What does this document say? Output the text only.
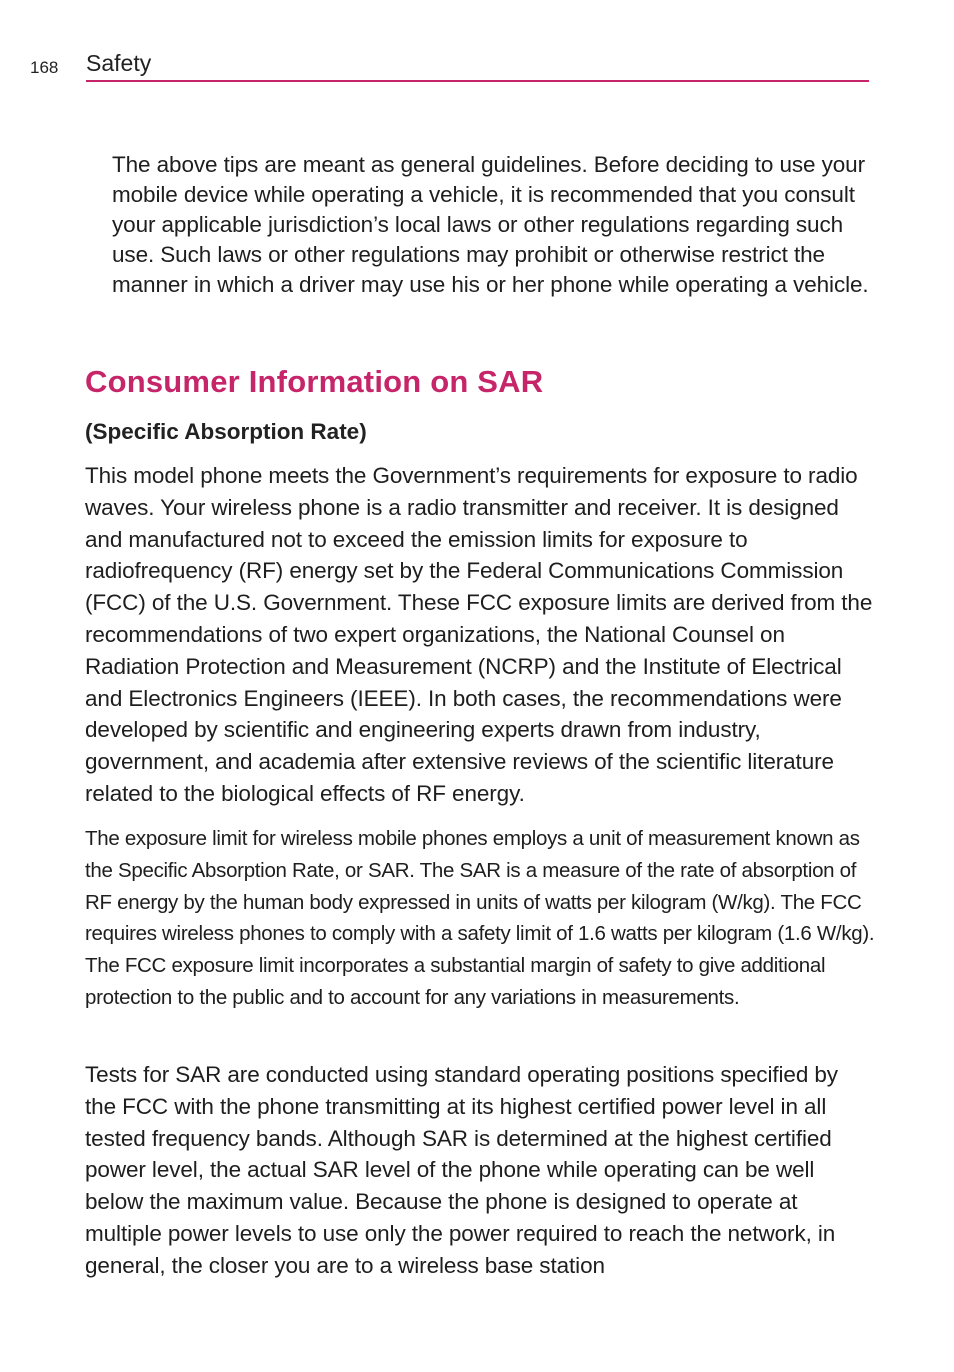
168 Safety

The above tips are meant as general guidelines. Before deciding to use your mobile device while operating a vehicle, it is recommended that you consult your applicable jurisdiction’s local laws or other regulations regarding such use. Such laws or other regulations may prohibit or otherwise restrict the manner in which a driver may use his or her phone while operating a vehicle.

Consumer Information on SAR
(Specific Absorption Rate)

This model phone meets the Government’s requirements for exposure to radio waves. Your wireless phone is a radio transmitter and receiver. It is designed and manufactured not to exceed the emission limits for exposure to radiofrequency (RF) energy set by the Federal Communications Commission (FCC) of the U.S. Government. These FCC exposure limits are derived from the recommendations of two expert organizations, the National Counsel on Radiation Protection and Measurement (NCRP) and the Institute of Electrical and Electronics Engineers (IEEE). In both cases, the recommendations were developed by scientific and engineering experts drawn from industry, government, and academia after extensive reviews of the scientific literature related to the biological effects of RF energy.

The exposure limit for wireless mobile phones employs a unit of measurement known as the Specific Absorption Rate, or SAR. The SAR is a measure of the rate of absorption of RF energy by the human body expressed in units of watts per kilogram (W/kg). The FCC requires wireless phones to comply with a safety limit of 1.6 watts per kilogram (1.6 W/kg). The FCC exposure limit incorporates a substantial margin of safety to give additional protection to the public and to account for any variations in measurements.

Tests for SAR are conducted using standard operating positions specified by the FCC with the phone transmitting at its highest certified power level in all tested frequency bands. Although SAR is determined at the highest certified power level, the actual SAR level of the phone while operating can be well below the maximum value. Because the phone is designed to operate at multiple power levels to use only the power required to reach the network, in general, the closer you are to a wireless base station
